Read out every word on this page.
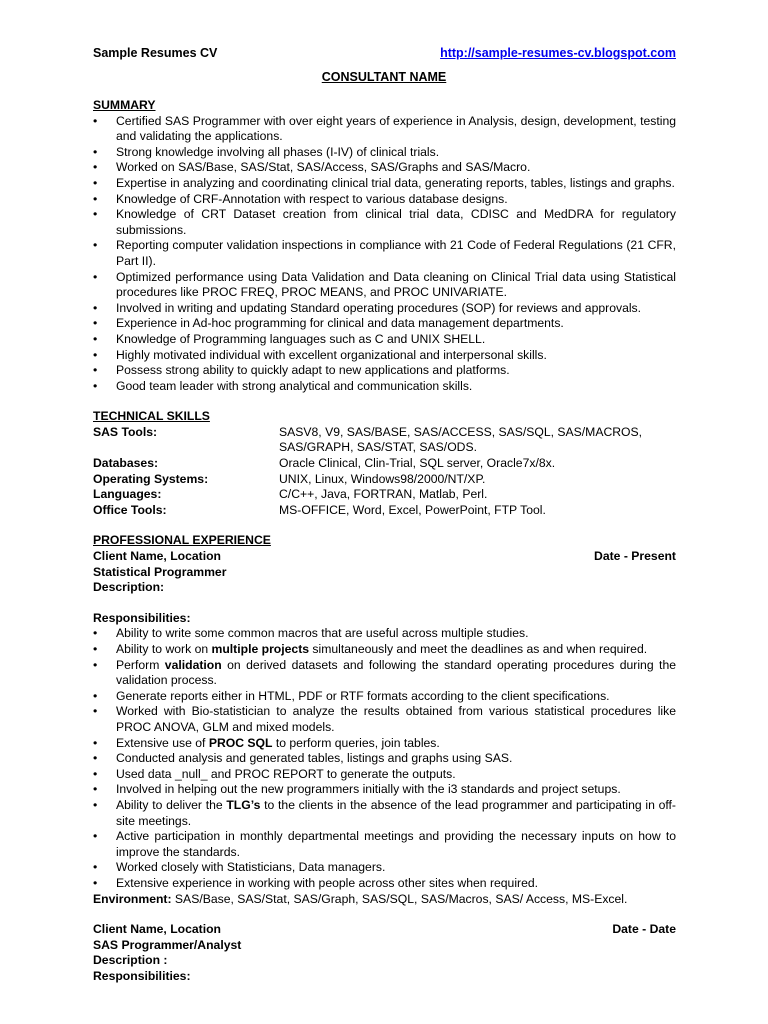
Sample Resumes CV	http://sample-resumes-cv.blogspot.com
CONSULTANT NAME
SUMMARY
• Certified SAS Programmer with over eight years of experience in Analysis, design, development, testing and validating the applications.
• Strong knowledge involving all phases (I-IV) of clinical trials.
• Worked on SAS/Base, SAS/Stat, SAS/Access, SAS/Graphs and SAS/Macro.
• Expertise in analyzing and coordinating clinical trial data, generating reports, tables, listings and graphs.
• Knowledge of CRF-Annotation with respect to various database designs.
• Knowledge of CRT Dataset creation from clinical trial data, CDISC and MedDRA for regulatory submissions.
• Reporting computer validation inspections in compliance with 21 Code of Federal Regulations (21 CFR, Part II).
• Optimized performance using Data Validation and Data cleaning on Clinical Trial data using Statistical procedures like PROC FREQ, PROC MEANS, and PROC UNIVARIATE.
• Involved in writing and updating Standard operating procedures (SOP) for reviews and approvals.
• Experience in Ad-hoc programming for clinical and data management departments.
• Knowledge of Programming languages such as C and UNIX SHELL.
• Highly motivated individual with excellent organizational and interpersonal skills.
• Possess strong ability to quickly adapt to new applications and platforms.
• Good team leader with strong analytical and communication skills.
TECHNICAL SKILLS
SAS Tools:	SASV8, V9, SAS/BASE, SAS/ACCESS, SAS/SQL, SAS/MACROS, SAS/GRAPH, SAS/STAT, SAS/ODS.
Databases:	Oracle Clinical, Clin-Trial, SQL server, Oracle7x/8x.
Operating Systems:	UNIX, Linux, Windows98/2000/NT/XP.
Languages:	C/C++, Java, FORTRAN, Matlab, Perl.
Office Tools:	MS-OFFICE, Word, Excel, PowerPoint, FTP Tool.
PROFESSIONAL EXPERIENCE
Client Name, Location	Date - Present
Statistical Programmer
Description:
Responsibilities:
• Ability to write some common macros that are useful across multiple studies.
• Ability to work on multiple projects simultaneously and meet the deadlines as and when required.
• Perform validation on derived datasets and following the standard operating procedures during the validation process.
• Generate reports either in HTML, PDF or RTF formats according to the client specifications.
• Worked with Bio-statistician to analyze the results obtained from various statistical procedures like PROC ANOVA, GLM and mixed models.
• Extensive use of PROC SQL to perform queries, join tables.
• Conducted analysis and generated tables, listings and graphs using SAS.
• Used data _null_ and PROC REPORT to generate the outputs.
• Involved in helping out the new programmers initially with the i3 standards and project setups.
• Ability to deliver the TLG’s to the clients in the absence of the lead programmer and participating in off-site meetings.
• Active participation in monthly departmental meetings and providing the necessary inputs on how to improve the standards.
• Worked closely with Statisticians, Data managers.
• Extensive experience in working with people across other sites when required.
Environment: SAS/Base, SAS/Stat, SAS/Graph, SAS/SQL, SAS/Macros, SAS/ Access, MS-Excel.
Client Name, Location	Date - Date
SAS Programmer/Analyst
Description :
Responsibilities:
